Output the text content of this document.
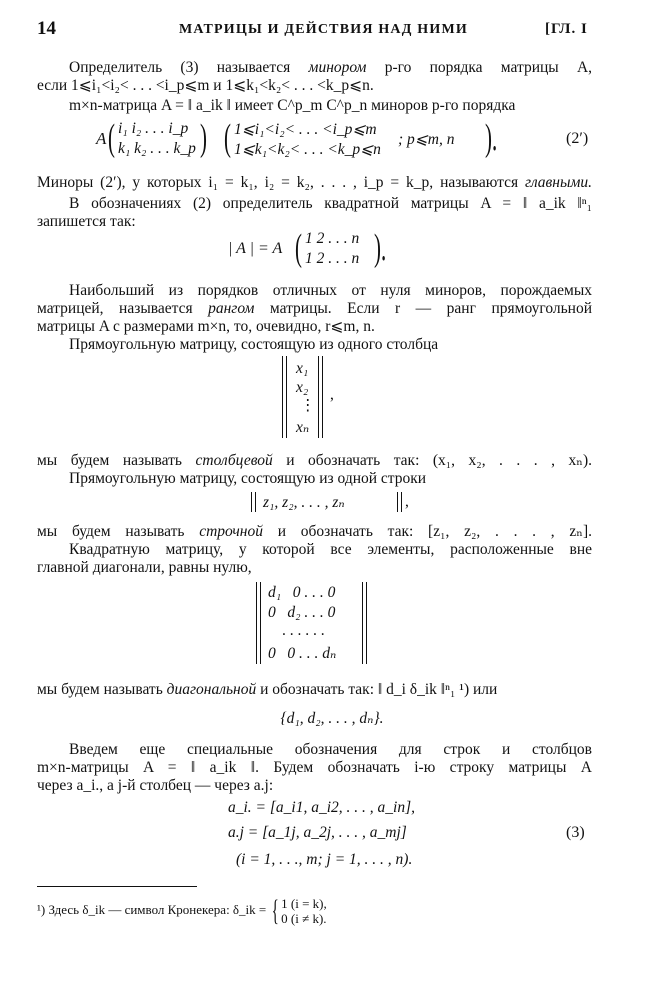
14	МАТРИЦЫ И ДЕЙСТВИЯ НАД НИМИ	[ГЛ. I
Определитель (3) называется минором p-го порядка матрицы A,
если 1⩽i₁<i₂< . . . <i_p⩽m и 1⩽k₁<k₂< . . . <k_p⩽n.
m×n-матрица A = ‖ a_ik ‖ имеет C^p_m C^p_n миноров p-го порядка
A ( i₁ i₂ . . . i_p
k₁ k₂ . . . k_p ) ( 1⩽i₁<i₂< . . . <i_p⩽m
1⩽k₁<k₂< . . . <k_p⩽n
; p⩽m, n ).	(2′)
Миноры (2′), у которых i₁ = k₁, i₂ = k₂, . . . , i_p = k_p, называются главными.
В обозначениях (2) определитель квадратной матрицы A = ‖ a_ik ‖ⁿ₁
запишется так:
| A | = A ( 1 2 . . . n
1 2 . . . n ).
Наибольший из порядков отличных от нуля миноров, порождаемых
матрицей, называется рангом матрицы. Если r — ранг прямоугольной
матрицы A с размерами m×n, то, очевидно, r⩽m, n.
Прямоугольную матрицу, состоящую из одного столбца
x₁
x₂
⋮
xₙ
,
мы будем называть столбцевой и обозначать так: (x₁, x₂, . . . , xₙ).
Прямоугольную матрицу, состоящую из одной строки
z₁, z₂, . . . , zₙ	,
мы будем называть строчной и обозначать так: [z₁, z₂, . . . , zₙ].
Квадратную матрицу, у которой все элементы, расположенные вне
главной диагонали, равны нулю,
d₁   0 . . . 0
0   d₂ . . . 0
. . . . . .
0   0 . . . dₙ
мы будем называть диагональной и обозначать так: ‖ d_i δ_ik ‖ⁿ₁ ¹) или
{d₁, d₂, . . . , dₙ}.
Введем еще специальные обозначения для строк и столбцов
m×n-матрицы A = ‖ a_ik ‖. Будем обозначать i-ю строку матрицы A
через a_i., а j-й столбец — через a.j:
a_i. = [a_i1, a_i2, . . . , a_in],
a.j = [a_1j, a_2j, . . . , a_mj]
(i = 1, . . ., m; j = 1, . . . , n).
(3)
¹) Здесь δ_ik — символ Кронекера: δ_ik = { 1 (i = k),
0 (i ≠ k).
